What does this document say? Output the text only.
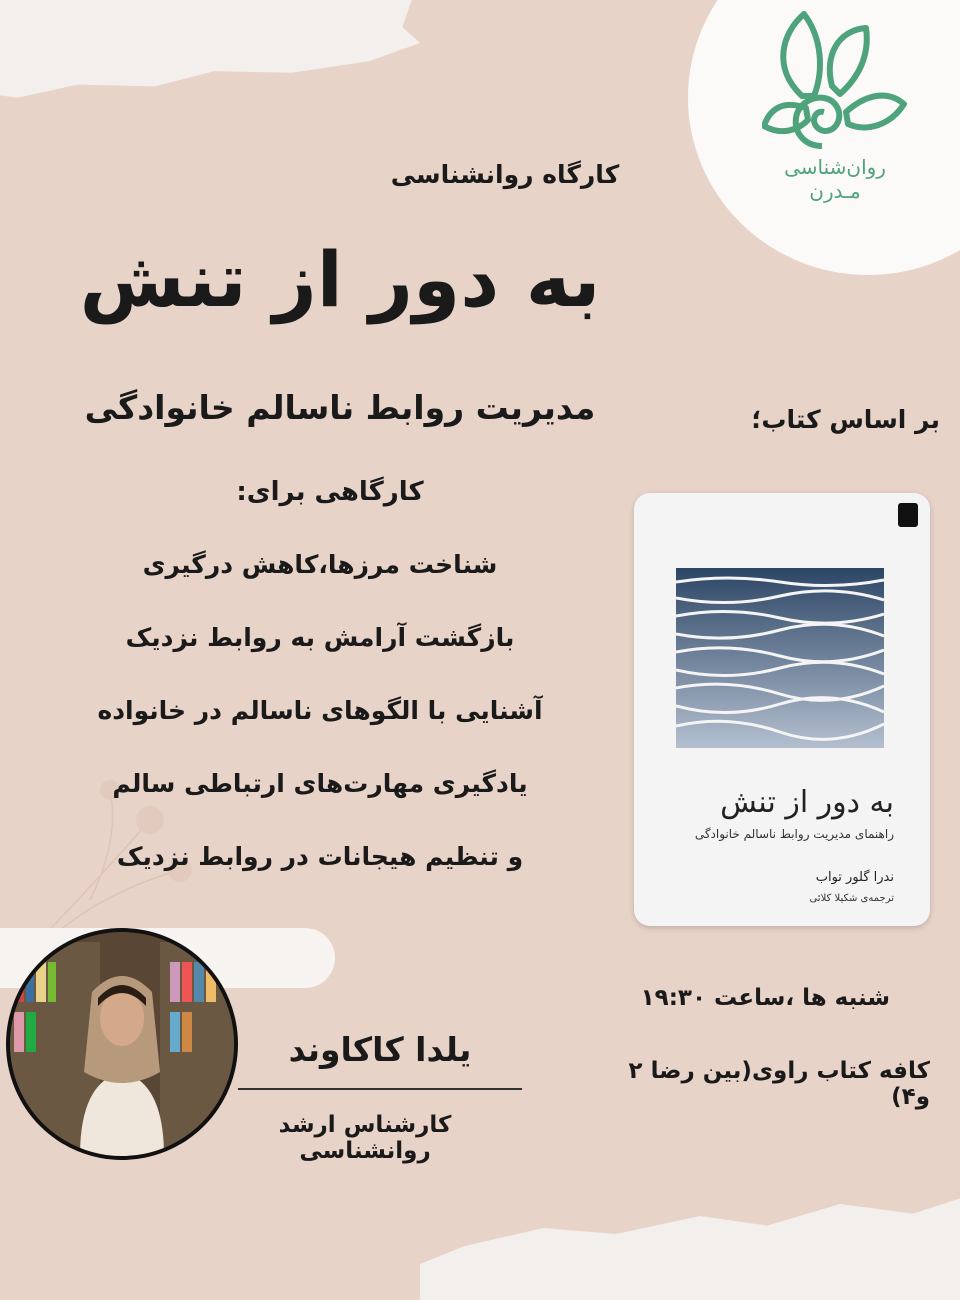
روان‌شناسی
مـدرن
کارگاه روانشناسی
به دور از تنش
مدیریت روابط ناسالم خانوادگی	بر اساس کتاب؛
کارگاهی برای:
شناخت مرزها،کاهش درگیری
بازگشت آرامش به روابط نزدیک
آشنایی با الگوهای ناسالم در خانواده
یادگیری مهارت‌های ارتباطی سالم
و تنظیم هیجانات در روابط نزدیک
به دور از تنش
راهنمای مدیریت روابط ناسالم خانوادگی
ندرا گلور تواب
ترجمه‌ی شکیلا کلائی
شنبه ها ،ساعت ۱۹:۳۰
کافه کتاب راوی(بین رضا ۲ و۴)
یلدا کاکاوند
کارشناس ارشد روانشناسی
